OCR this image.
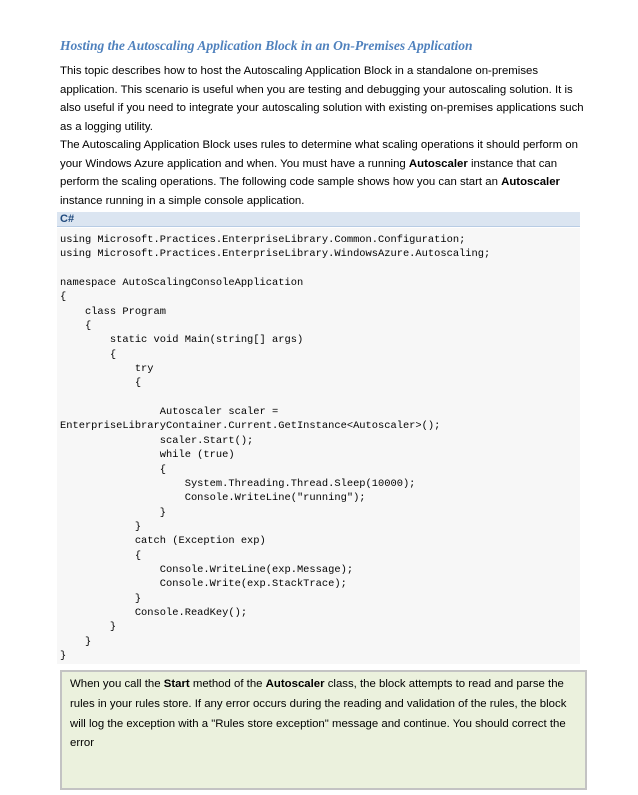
Hosting the Autoscaling Application Block in an On-Premises Application

This topic describes how to host the Autoscaling Application Block in a standalone on-premises application. This scenario is useful when you are testing and debugging your autoscaling solution. It is also useful if you need to integrate your autoscaling solution with existing on-premises applications such as a logging utility.

The Autoscaling Application Block uses rules to determine what scaling operations it should perform on your Windows Azure application and when. You must have a running Autoscaler instance that can perform the scaling operations. The following code sample shows how you can start an Autoscaler instance running in a simple console application.

C#
using Microsoft.Practices.EnterpriseLibrary.Common.Configuration;
using Microsoft.Practices.EnterpriseLibrary.WindowsAzure.Autoscaling;

namespace AutoScalingConsoleApplication
{
class Program
{
static void Main(string[] args)
{
try
{

Autoscaler scaler =
EnterpriseLibraryContainer.Current.GetInstance<Autoscaler>();
scaler.Start();
while (true)
{
System.Threading.Thread.Sleep(10000);
Console.WriteLine("running");
}
}
catch (Exception exp)
{
Console.WriteLine(exp.Message);
Console.Write(exp.StackTrace);
}
Console.ReadKey();
}
}
}

When you call the Start method of the Autoscaler class, the block attempts to read and parse the rules in your rules store. If any error occurs during the reading and validation of the rules, the block will log the exception with a "Rules store exception" message and continue. You should correct the error
